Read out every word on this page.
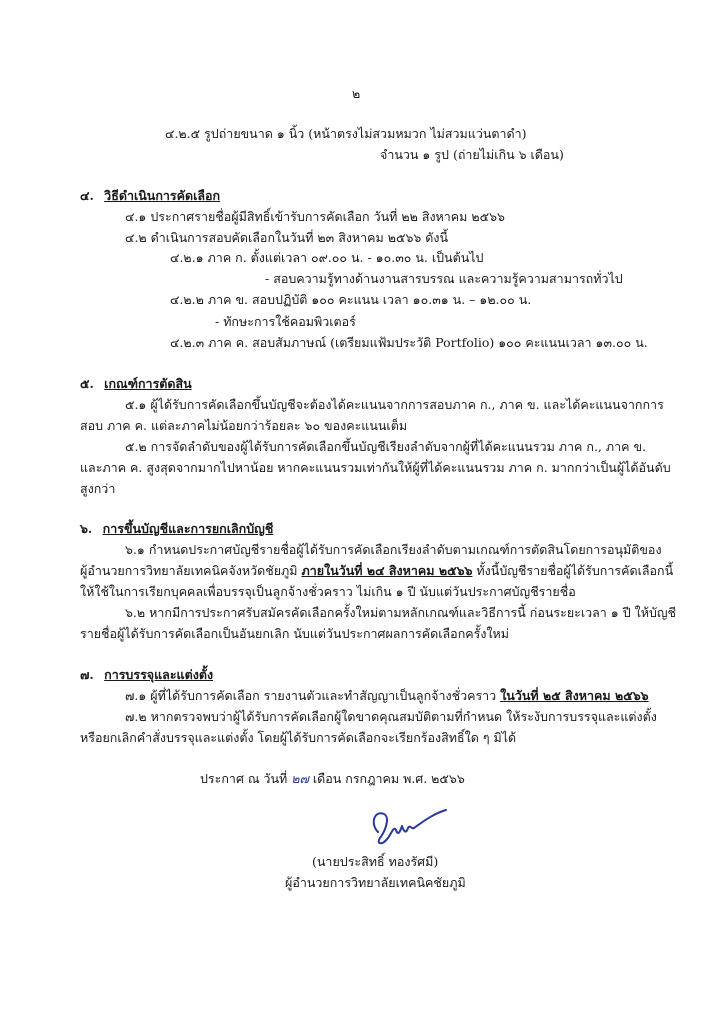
๒
๔.๒.๕ รูปถ่ายขนาด ๑ นิ้ว (หน้าตรงไม่สวมหมวก ไม่สวมแว่นตาดำ)
จำนวน ๑ รูป (ถ่ายไม่เกิน ๖ เดือน)
๔. วิธีดำเนินการคัดเลือก
๔.๑ ประกาศรายชื่อผู้มีสิทธิ์เข้ารับการคัดเลือก วันที่ ๒๒ สิงหาคม ๒๕๖๖
๔.๒ ดำเนินการสอบคัดเลือกในวันที่ ๒๓ สิงหาคม ๒๕๖๖ ดังนี้
๔.๒.๑ ภาค ก. ตั้งแต่เวลา ๐๙.๐๐ น. - ๑๐.๓๐ น. เป็นต้นไป
- สอบความรู้ทางด้านงานสารบรรณ และความรู้ความสามารถทั่วไป
๔.๒.๒ ภาค ข. สอบปฏิบัติ ๑๐๐ คะแนน เวลา ๑๐.๓๑ น. – ๑๒.๐๐ น.
- ทักษะการใช้คอมพิวเตอร์
๔.๒.๓ ภาค ค. สอบสัมภาษณ์ (เตรียมแฟ้มประวัติ Portfolio) ๑๐๐ คะแนนเวลา ๑๓.๐๐ น.
๕. เกณฑ์การตัดสิน
๕.๑ ผู้ได้รับการคัดเลือกขึ้นบัญชีจะต้องได้คะแนนจากการสอบภาค ก., ภาค ข. และได้คะแนนจากการ
สอบ ภาค ค. แต่ละภาคไม่น้อยกว่าร้อยละ ๖๐ ของคะแนนเต็ม
๕.๒ การจัดลำดับของผู้ได้รับการคัดเลือกขึ้นบัญชีเรียงลำดับจากผู้ที่ได้คะแนนรวม ภาค ก., ภาค ข.
และภาค ค. สูงสุดจากมากไปหาน้อย หากคะแนนรวมเท่ากันให้ผู้ที่ได้คะแนนรวม ภาค ก. มากกว่าเป็นผู้ได้อันดับ
สูงกว่า
๖. การขึ้นบัญชีและการยกเลิกบัญชี
๖.๑ กำหนดประกาศบัญชีรายชื่อผู้ได้รับการคัดเลือกเรียงลำดับตามเกณฑ์การตัดสินโดยการอนุมัติของ
ผู้อำนวยการวิทยาลัยเทคนิคจังหวัดชัยภูมิ ภายในวันที่ ๒๔ สิงหาคม ๒๕๖๖ ทั้งนี้บัญชีรายชื่อผู้ได้รับการคัดเลือกนี้
ให้ใช้ในการเรียกบุคคลเพื่อบรรจุเป็นลูกจ้างชั่วคราว ไม่เกิน ๑ ปี นับแต่วันประกาศบัญชีรายชื่อ
๖.๒ หากมีการประกาศรับสมัครคัดเลือกครั้งใหม่ตามหลักเกณฑ์และวิธีการนี้ ก่อนระยะเวลา ๑ ปี ให้บัญชี
รายชื่อผู้ได้รับการคัดเลือกเป็นอันยกเลิก นับแต่วันประกาศผลการคัดเลือกครั้งใหม่
๗. การบรรจุและแต่งตั้ง
๗.๑ ผู้ที่ได้รับการคัดเลือก รายงานตัวและทำสัญญาเป็นลูกจ้างชั่วคราว ในวันที่ ๒๕ สิงหาคม ๒๕๖๖
๗.๒ หากตรวจพบว่าผู้ได้รับการคัดเลือกผู้ใดขาดคุณสมบัติตามที่กำหนด ให้ระงับการบรรจุและแต่งตั้ง
หรือยกเลิกคำสั่งบรรจุและแต่งตั้ง โดยผู้ได้รับการคัดเลือกจะเรียกร้องสิทธิ์ใด ๆ มิได้
ประกาศ ณ วันที่ ๒๗ เดือน กรกฎาคม พ.ศ. ๒๕๖๖
(นายประสิทธิ์ ทองรัศมี)
ผู้อำนวยการวิทยาลัยเทคนิคชัยภูมิ
